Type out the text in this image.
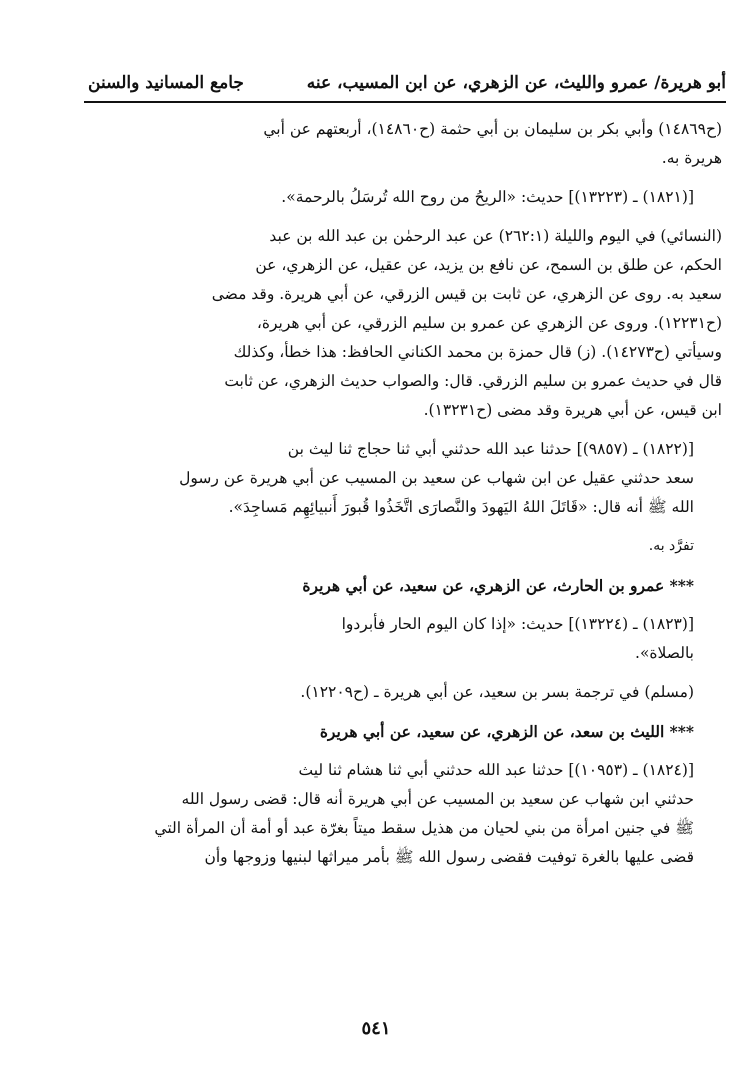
أبو هريرة/ عمرو والليث، عن الزهري، عن ابن المسيب، عنه
جامع المسانيد والسنن
(ح١٤٨٦٩) وأبي بكر بن سليمان بن أبي حثمة (ح١٤٨٦٠)، أربعتهم عن أبي
هريرة به.
[(١٨٢١) ـ (١٣٢٢٣)] حديث: «الريحُ من روح الله تُرسَلُ بالرحمة».
(النسائي) في اليوم والليلة (٢٦٢:١) عن عبد الرحمٰن بن عبد الله بن عبد
الحكم، عن طلق بن السمح، عن نافع بن يزيد، عن عقيل، عن الزهري، عن
سعيد به. روى عن الزهري، عن ثابت بن قيس الزرقي، عن أبي هريرة. وقد مضى
(ح١٢٢٣١). وروى عن الزهري عن عمرو بن سليم الزرقي، عن أبي هريرة،
وسيأتي (ح١٤٢٧٣). (ز) قال حمزة بن محمد الكناني الحافظ: هذا خطأ، وكذلك
قال في حديث عمرو بن سليم الزرقي. قال: والصواب حديث الزهري، عن ثابت
ابن قيس، عن أبي هريرة وقد مضى (ح١٣٢٣١).
[(١٨٢٢) ـ (٩٨٥٧)] حدثنا عبد الله حدثني أبي ثنا حجاج ثنا ليث بن
سعد حدثني عقيل عن ابن شهاب عن سعيد بن المسيب عن أبي هريرة عن رسول
الله ﷺ أنه قال: «قَاتَلَ اللهُ اليَهودَ والنَّصارَى اتَّخَذُوا قُبورَ أَنبيائِهِم مَساجِدَ».
تفرَّد به.
*** عمرو بن الحارث، عن الزهري، عن سعيد، عن أبي هريرة
[(١٨٢٣) ـ (١٣٢٢٤)] حديث: «إذا كان اليوم الحار فأبردوا
بالصلاة».
(مسلم) في ترجمة بسر بن سعيد، عن أبي هريرة ـ (ح١٢٢٠٩).
*** الليث بن سعد، عن الزهري، عن سعيد، عن أبي هريرة
[(١٨٢٤) ـ (١٠٩٥٣)] حدثنا عبد الله حدثني أبي ثنا هشام ثنا ليث
حدثني ابن شهاب عن سعيد بن المسيب عن أبي هريرة أنه قال: قضى رسول الله
ﷺ في جنين امرأة من بني لحيان من هذيل سقط ميتاً بغرّة عبد أو أمة أن المرأة التي
قضى عليها بالغرة توفيت فقضى رسول الله ﷺ بأمر ميراثها لبنيها وزوجها وأن
٥٤١
